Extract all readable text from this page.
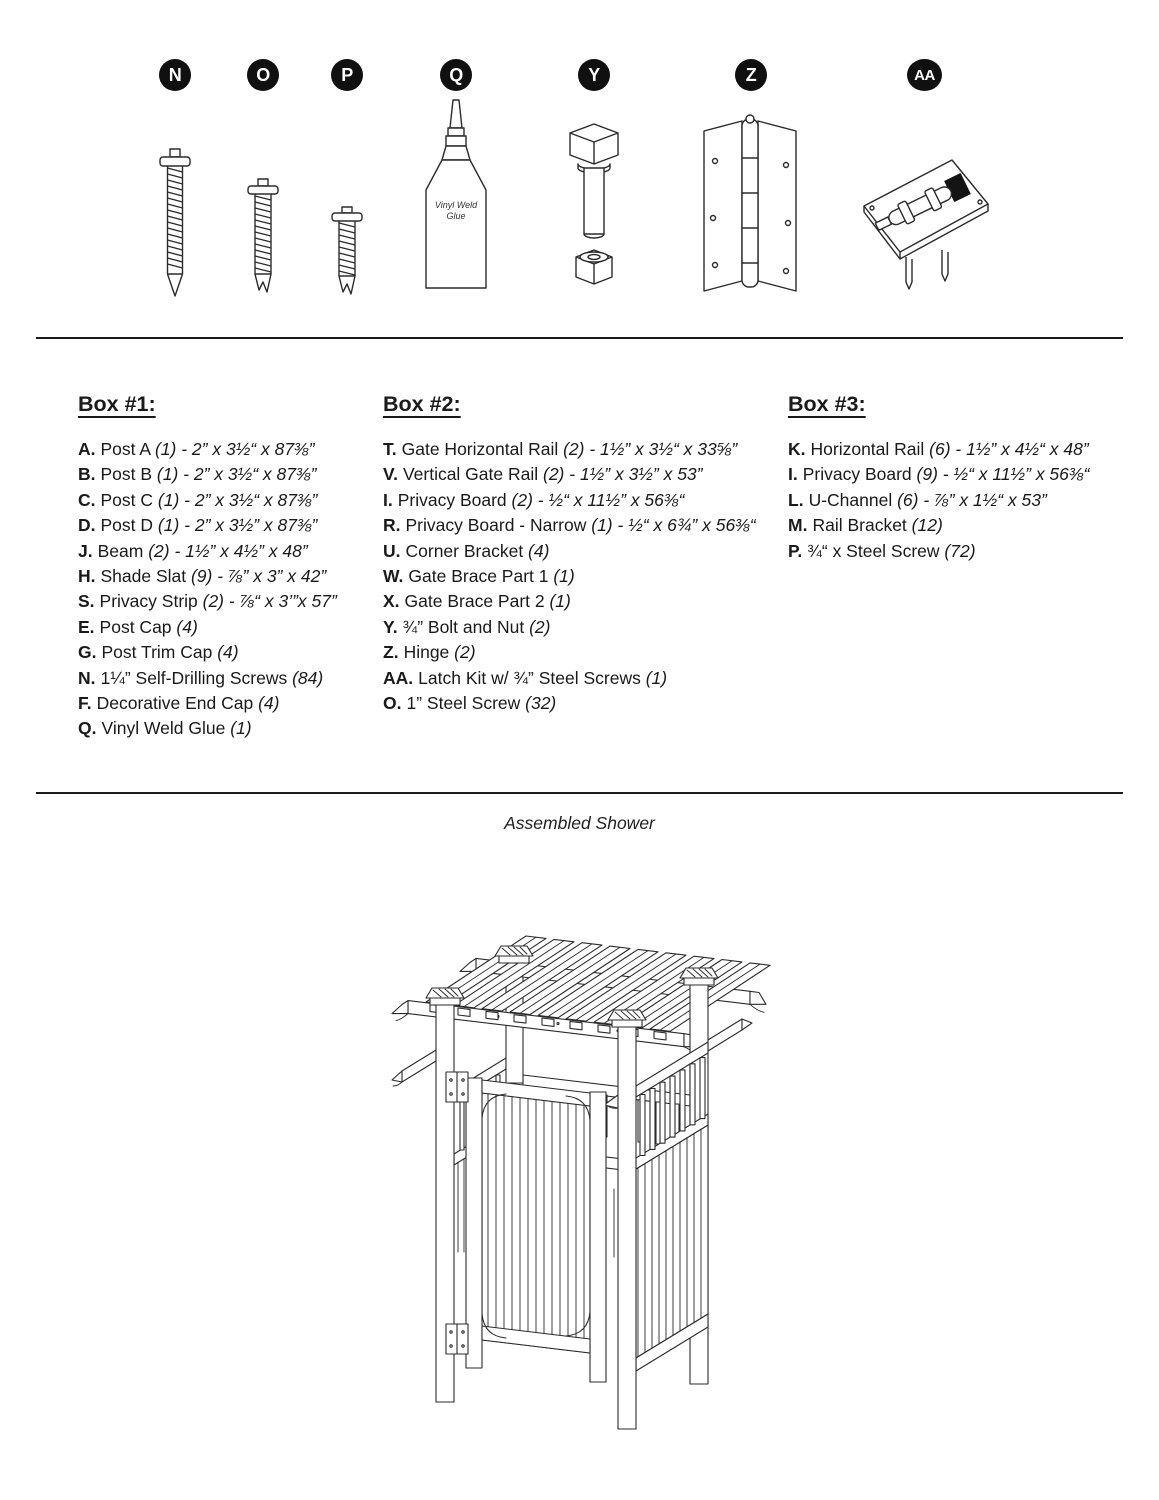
N	O	P	Q	Y	Z	AA
Vinyl Weld
Glue
Box #1:
A. Post A (1) - 2” x 3½“ x 87⅜”
B. Post B (1) - 2” x 3½“ x 87⅜”
C. Post C (1) - 2” x 3½“ x 87⅜”
D. Post D (1) - 2” x 3½” x 87⅜”
J. Beam (2) - 1½” x 4½” x 48”
H. Shade Slat (9) - ⅞” x 3” x 42”
S. Privacy Strip (2) - ⅞“ x 3’”x 57”
E. Post Cap (4)
G. Post Trim Cap (4)
N. 1¼” Self-Drilling Screws (84)
F. Decorative End Cap (4)
Q. Vinyl Weld Glue (1)
Box #2:
T. Gate Horizontal Rail (2) - 1½” x 3½“ x 33⅝”
V. Vertical Gate Rail (2) - 1½” x 3½” x 53”
I. Privacy Board (2) - ½“ x 11½” x 56⅜“
R. Privacy Board - Narrow (1) - ½“ x 6¾” x 56⅜“
U. Corner Bracket (4)
W. Gate Brace Part 1 (1)
X. Gate Brace Part 2 (1)
Y. ¾” Bolt and Nut (2)
Z. Hinge (2)
AA. Latch Kit w/ ¾” Steel Screws (1)
O. 1” Steel Screw (32)
Box #3:
K. Horizontal Rail (6) - 1½” x 4½“ x 48”
I. Privacy Board (9) - ½“ x 11½” x 56⅜“
L. U-Channel (6) - ⅞” x 1½“ x 53”
M. Rail Bracket (12)
P. ¾“ x Steel Screw (72)
Assembled Shower
